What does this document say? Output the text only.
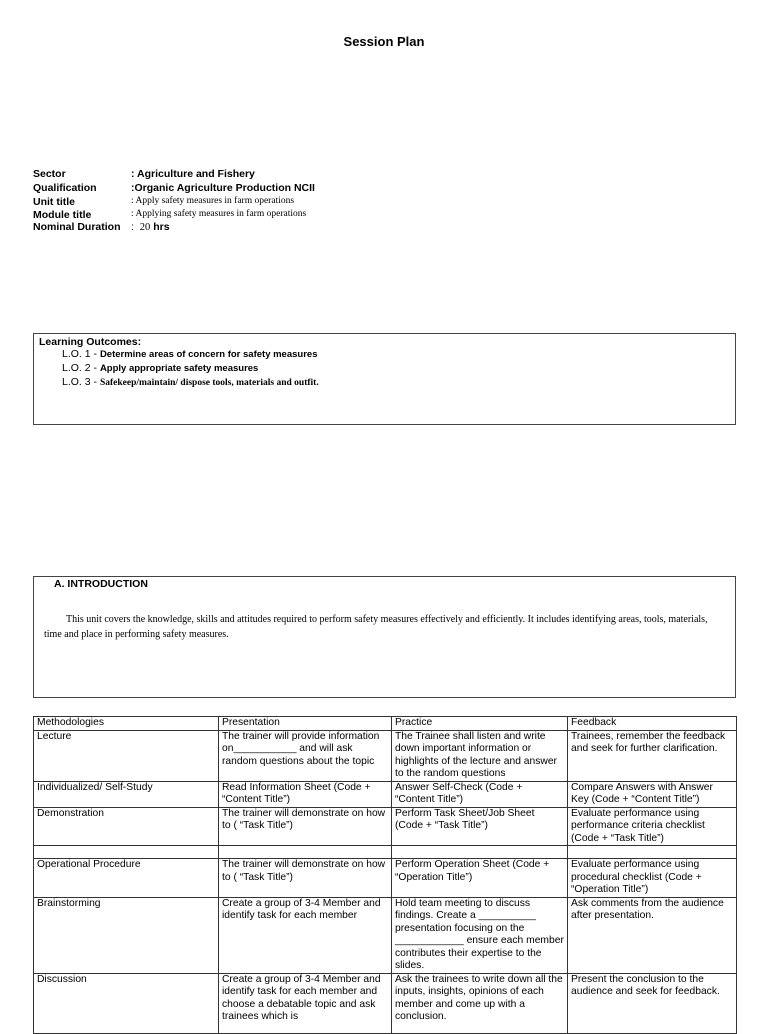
Session Plan
Sector	: Agriculture and Fishery
Qualification	:Organic Agriculture Production NCII
Unit title	: Apply safety measures in farm operations
Module title	: Applying safety measures in farm operations
Nominal Duration : 20 hrs
Learning Outcomes:
L.O. 1 - Determine areas of concern for safety measures
L.O. 2 - Apply appropriate safety measures
L.O. 3 - Safekeep/maintain/ dispose tools, materials and outfit.
A. INTRODUCTION
This unit covers the knowledge, skills and attitudes required to perform safety measures effectively and efficiently. It includes identifying areas, tools, materials, time and place in performing safety measures.
Methodologies	Presentation	Practice	Feedback
Lecture	The trainer will provide information on___________ and will ask random questions about the topic	The Trainee shall listen and write down important information or highlights of the lecture and answer to the random questions	Trainees, remember the feedback and seek for further clarification.
Individualized/ Self-Study	Read Information Sheet (Code + “Content Title”)	Answer Self-Check (Code + “Content Title”)	Compare Answers with Answer Key (Code + “Content Title”)
Demonstration	The trainer will demonstrate on how to ( “Task Title”)	Perform Task Sheet/Job Sheet (Code + “Task Title”)	Evaluate performance using performance criteria checklist (Code + “Task Title”)

Operational Procedure	The trainer will demonstrate on how to ( “Task Title”)	Perform Operation Sheet (Code + “Operation Title”)	Evaluate performance using procedural checklist (Code + “Operation Title”)
Brainstorming	Create a group of 3-4 Member and identify task for each member	Hold team meeting to discuss findings. Create a __________ presentation focusing on the ____________ ensure each member contributes their expertise to the slides.	Ask comments from the audience after presentation.
Discussion	Create a group of 3-4 Member and identify task for each member and choose a debatable topic and ask trainees which is	Ask the trainees to write down all the inputs, insights, opinions of each member and come up with a conclusion.	Present the conclusion to the audience and seek for feedback.
